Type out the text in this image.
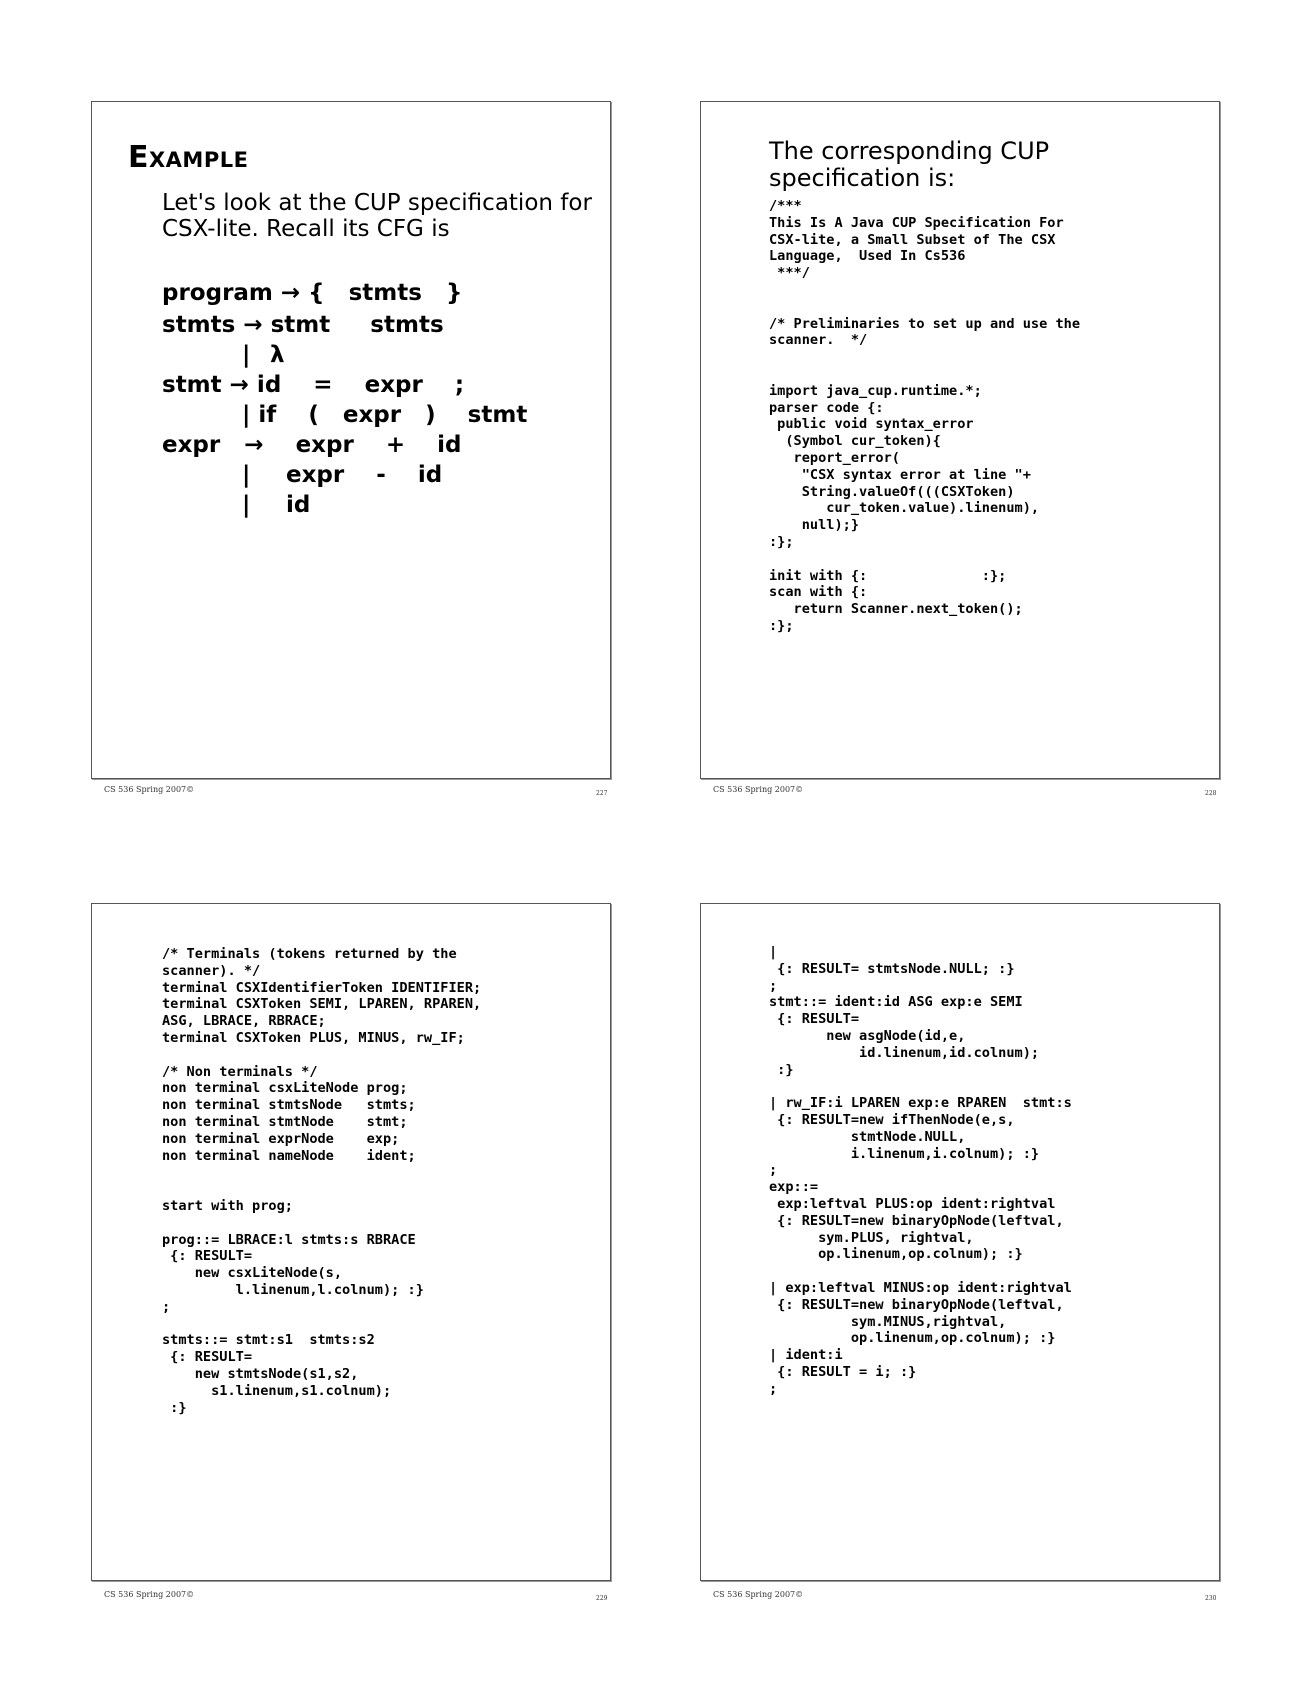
Example

Let's look at the CUP specification for CSX-lite. Recall its CFG is

program → {   stmts   }
stmts → stmt     stmts
| λ
stmt → id    =    expr    ;
| if    (   expr   )    stmt
expr   →    expr    +    id
| expr    -    id
| id
CS 536 Spring 2007©	227

The corresponding CUP specification is:

/***
This Is A Java CUP Specification For
CSX-lite, a Small Subset of The CSX
Language,  Used In Cs536
***/

/* Preliminaries to set up and use the
scanner.  */

import java_cup.runtime.*;
parser code {:
public void syntax_error
(Symbol cur_token){
report_error(
"CSX syntax error at line "+
String.valueOf(((CSXToken)
cur_token.value).linenum),
null);}
:};

init with {:              :};
scan with {:
return Scanner.next_token();
:};
CS 536 Spring 2007©	228
/* Terminals (tokens returned by the
scanner). */
terminal CSXIdentifierToken IDENTIFIER;
terminal CSXToken SEMI, LPAREN, RPAREN,
ASG, LBRACE, RBRACE;
terminal CSXToken PLUS, MINUS, rw_IF;

/* Non terminals */
non terminal csxLiteNode prog;
non terminal stmtsNode   stmts;
non terminal stmtNode    stmt;
non terminal exprNode    exp;
non terminal nameNode    ident;

start with prog;

prog::= LBRACE:l stmts:s RBRACE
{: RESULT=
new csxLiteNode(s,
l.linenum,l.colnum); :}
;

stmts::= stmt:s1  stmts:s2
{: RESULT=
new stmtsNode(s1,s2,
s1.linenum,s1.colnum);
:}
CS 536 Spring 2007©	229
|
{: RESULT= stmtsNode.NULL; :}
;
stmt::= ident:id ASG exp:e SEMI
{: RESULT=
new asgNode(id,e,
id.linenum,id.colnum);
:}

| rw_IF:i LPAREN exp:e RPAREN  stmt:s
{: RESULT=new ifThenNode(e,s,
stmtNode.NULL,
i.linenum,i.colnum); :}
;
exp::=
exp:leftval PLUS:op ident:rightval
{: RESULT=new binaryOpNode(leftval,
sym.PLUS, rightval,
op.linenum,op.colnum); :}

| exp:leftval MINUS:op ident:rightval
{: RESULT=new binaryOpNode(leftval,
sym.MINUS,rightval,
op.linenum,op.colnum); :}
| ident:i
{: RESULT = i; :}
;
CS 536 Spring 2007©	230
